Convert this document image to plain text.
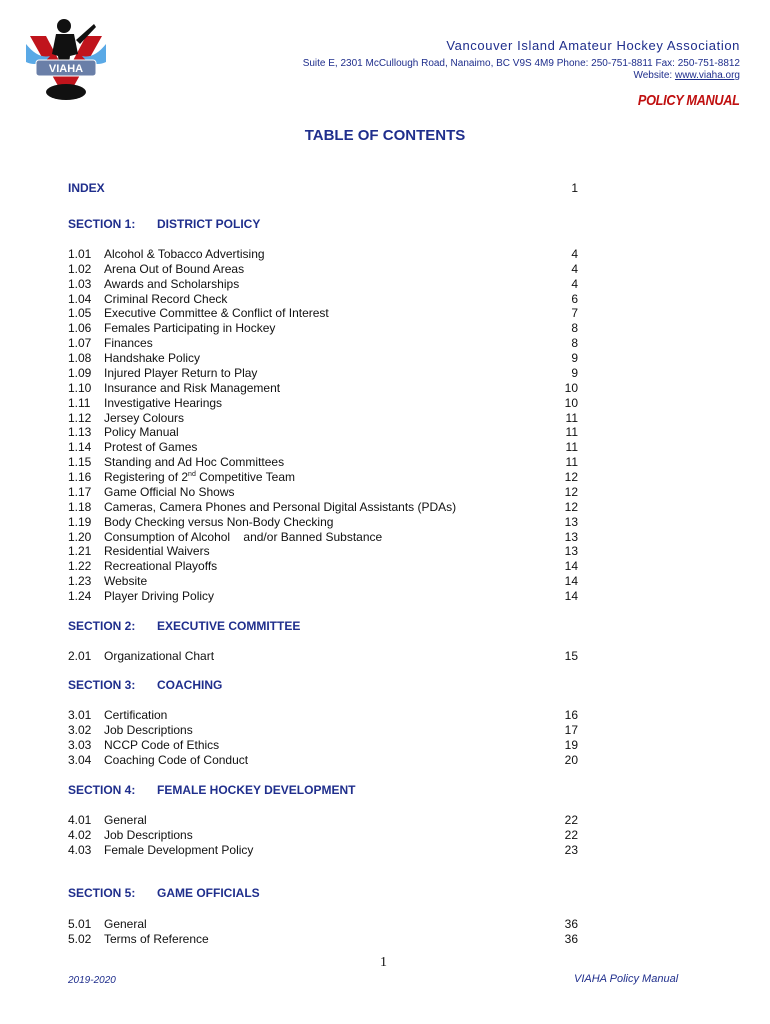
VIAHA
Vancouver Island Amateur Hockey Association
Suite E, 2301 McCullough Road, Nanaimo, BC V9S 4M9 Phone: 250-751-8811 Fax: 250-751-8812
Website: www.viaha.org
POLICY MANUAL
TABLE OF CONTENTS
INDEX	1
SECTION 1: DISTRICT POLICY
1.01 Alcohol & Tobacco Advertising	4
1.02 Arena Out of Bound Areas	4
1.03 Awards and Scholarships	4
1.04 Criminal Record Check	6
1.05 Executive Committee & Conflict of Interest	7
1.06 Females Participating in Hockey	8
1.07 Finances	8
1.08 Handshake Policy	9
1.09 Injured Player Return to Play	9
1.10 Insurance and Risk Management	10
1.11 Investigative Hearings	10
1.12 Jersey Colours	11
1.13 Policy Manual	11
1.14 Protest of Games	11
1.15 Standing and Ad Hoc Committees	11
1.16 Registering of 2nd Competitive Team	12
1.17 Game Official No Shows	12
1.18 Cameras, Camera Phones and Personal Digital Assistants (PDAs)	12
1.19 Body Checking versus Non-Body Checking	13
1.20 Consumption of Alcohol    and/or Banned Substance	13
1.21 Residential Waivers	13
1.22 Recreational Playoffs	14
1.23 Website	14
1.24 Player Driving Policy	14
SECTION 2: EXECUTIVE COMMITTEE
2.01 Organizational Chart	15
SECTION 3: COACHING
3.01 Certification	16
3.02 Job Descriptions	17
3.03 NCCP Code of Ethics	19
3.04 Coaching Code of Conduct	20
SECTION 4: FEMALE HOCKEY DEVELOPMENT
4.01 General	22
4.02 Job Descriptions	22
4.03 Female Development Policy	23
SECTION 5: GAME OFFICIALS
5.01 General	36
5.02 Terms of Reference	36
2019-2020
1
VIAHA Policy Manual
